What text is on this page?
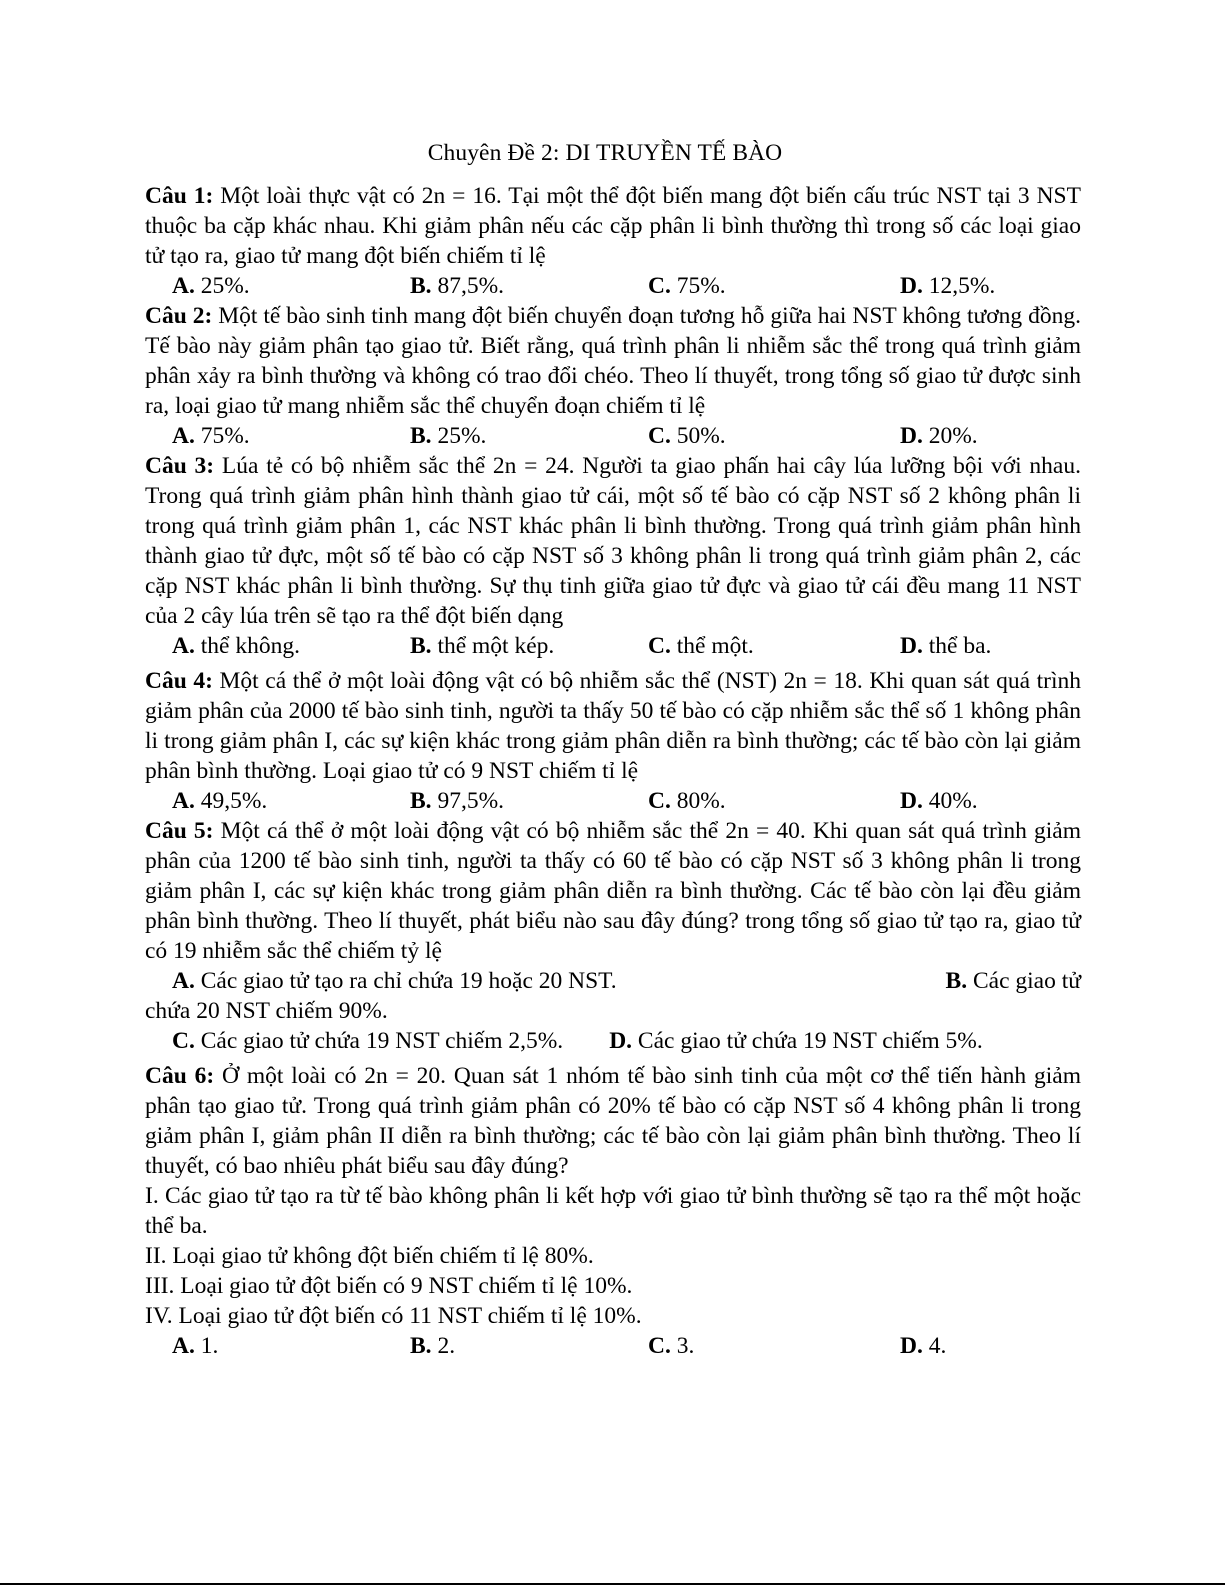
Chuyên Đề 2: DI TRUYỀN TẾ BÀO
Câu 1: Một loài thực vật có 2n = 16. Tại một thể đột biến mang đột biến cấu trúc NST tại 3 NST thuộc ba cặp khác nhau. Khi giảm phân nếu các cặp phân li bình thường thì trong số các loại giao tử tạo ra, giao tử mang đột biến chiếm tỉ lệ
A. 25%.	B. 87,5%.	C. 75%.	D. 12,5%.
Câu 2: Một tế bào sinh tinh mang đột biến chuyển đoạn tương hỗ giữa hai NST không tương đồng. Tế bào này giảm phân tạo giao tử. Biết rằng, quá trình phân li nhiễm sắc thể trong quá trình giảm phân xảy ra bình thường và không có trao đổi chéo. Theo lí thuyết, trong tổng số giao tử được sinh ra, loại giao tử mang nhiễm sắc thể chuyển đoạn chiếm tỉ lệ
A. 75%.	B. 25%.	C. 50%.	D. 20%.
Câu 3: Lúa tẻ có bộ nhiễm sắc thể 2n = 24. Người ta giao phấn hai cây lúa lưỡng bội với nhau. Trong quá trình giảm phân hình thành giao tử cái, một số tế bào có cặp NST số 2 không phân li trong quá trình giảm phân 1, các NST khác phân li bình thường. Trong quá trình giảm phân hình thành giao tử đực, một số tế bào có cặp NST số 3 không phân li trong quá trình giảm phân 2, các cặp NST khác phân li bình thường. Sự thụ tinh giữa giao tử đực và giao tử cái đều mang 11 NST của 2 cây lúa trên sẽ tạo ra thể đột biến dạng
A. thể không.	B. thể một kép.	C. thể một.	D. thể ba.
Câu 4: Một cá thể ở một loài động vật có bộ nhiễm sắc thể (NST) 2n = 18. Khi quan sát quá trình giảm phân của 2000 tế bào sinh tinh, người ta thấy 50 tế bào có cặp nhiễm sắc thể số 1 không phân li trong giảm phân I, các sự kiện khác trong giảm phân diễn ra bình thường; các tế bào còn lại giảm phân bình thường. Loại giao tử có 9 NST chiếm tỉ lệ
A. 49,5%.	B. 97,5%.	C. 80%.	D. 40%.
Câu 5: Một cá thể ở một loài động vật có bộ nhiễm sắc thể 2n = 40. Khi quan sát quá trình giảm phân của 1200 tế bào sinh tinh, người ta thấy có 60 tế bào có cặp NST số 3 không phân li trong giảm phân I, các sự kiện khác trong giảm phân diễn ra bình thường. Các tế bào còn lại đều giảm phân bình thường. Theo lí thuyết, phát biểu nào sau đây đúng? trong tổng số giao tử tạo ra, giao tử có 19 nhiễm sắc thể chiếm tỷ lệ
A. Các giao tử tạo ra chỉ chứa 19 hoặc 20 NST.	B. Các giao tử
chứa 20 NST chiếm 90%.
C. Các giao tử chứa 19 NST chiếm 2,5%. D. Các giao tử chứa 19 NST chiếm 5%.
Câu 6: Ở một loài có 2n = 20. Quan sát 1 nhóm tế bào sinh tinh của một cơ thể tiến hành giảm phân tạo giao tử. Trong quá trình giảm phân có 20% tế bào có cặp NST số 4 không phân li trong giảm phân I, giảm phân II diễn ra bình thường; các tế bào còn lại giảm phân bình thường. Theo lí thuyết, có bao nhiêu phát biểu sau đây đúng?
I. Các giao tử tạo ra từ tế bào không phân li kết hợp với giao tử bình thường sẽ tạo ra thể một hoặc thể ba.
II. Loại giao tử không đột biến chiếm tỉ lệ 80%.
III. Loại giao tử đột biến có 9 NST chiếm tỉ lệ 10%.
IV. Loại giao tử đột biến có 11 NST chiếm tỉ lệ 10%.
A. 1.	B. 2.	C. 3.	D. 4.
